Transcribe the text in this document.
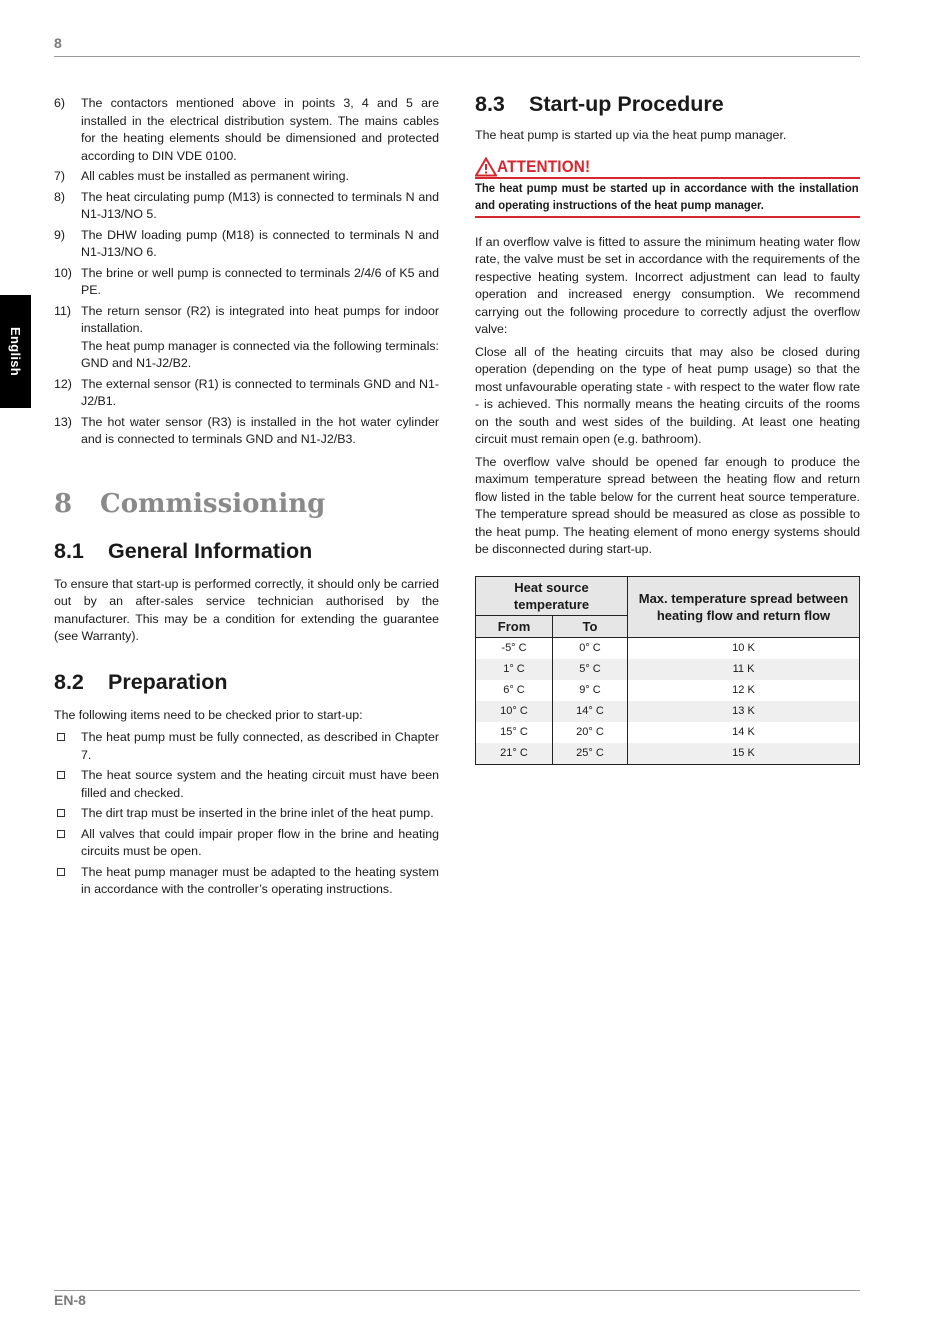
8
English
6)	The contactors mentioned above in points 3, 4 and 5 are installed in the electrical distribution system. The mains cables for the heating elements should be dimensioned and protected according to DIN VDE 0100.
7)	All cables must be installed as permanent wiring.
8)	The heat circulating pump (M13) is connected to terminals N and N1-J13/NO 5.
9)	The DHW loading pump (M18) is connected to terminals N and N1-J13/NO 6.
10) The brine or well pump is connected to terminals 2/4/6 of K5 and PE.
11) The return sensor (R2) is integrated into heat pumps for indoor installation.
The heat pump manager is connected via the following terminals: GND and N1-J2/B2.
12) The external sensor (R1) is connected to terminals GND and N1-J2/B1.
13) The hot water sensor (R3) is installed in the hot water cylinder and is connected to terminals GND and N1-J2/B3.
8	Commissioning
8.1	General Information

To ensure that start-up is performed correctly, it should only be carried out by an after-sales service technician authorised by the manufacturer. This may be a condition for extending the guarantee (see Warranty).

8.2	Preparation

The following items need to be checked prior to start-up:

The heat pump must be fully connected, as described in Chapter 7.
The heat source system and the heating circuit must have been filled and checked.
The dirt trap must be inserted in the brine inlet of the heat pump.
All valves that could impair proper flow in the brine and heating circuits must be open.
The heat pump manager must be adapted to the heating system in accordance with the controller’s operating instructions.
8.3	Start-up Procedure

The heat pump is started up via the heat pump manager.

ATTENTION!
The heat pump must be started up in accordance with the installation and operating instructions of the heat pump manager.

If an overflow valve is fitted to assure the minimum heating water flow rate, the valve must be set in accordance with the requirements of the respective heating system. Incorrect adjustment can lead to faulty operation and increased energy consumption. We recommend carrying out the following procedure to correctly adjust the overflow valve:

Close all of the heating circuits that may also be closed during operation (depending on the type of heat pump usage) so that the most unfavourable operating state - with respect to the water flow rate - is achieved. This normally means the heating circuits of the rooms on the south and west sides of the building. At least one heating circuit must remain open (e.g. bathroom).

The overflow valve should be opened far enough to produce the maximum temperature spread between the heating flow and return flow listed in the table below for the current heat source temperature. The temperature spread should be measured as close as possible to the heat pump. The heating element of mono energy systems should be disconnected during start-up.

Heat source temperature		Max. temperature spread between heating flow and return flow
From	To	
-5° C	0° C	10 K
1° C	5° C	11 K
6° C	9° C	12 K
10° C	14° C	13 K
15° C	20° C	14 K
21° C	25° C	15 K
EN-8
